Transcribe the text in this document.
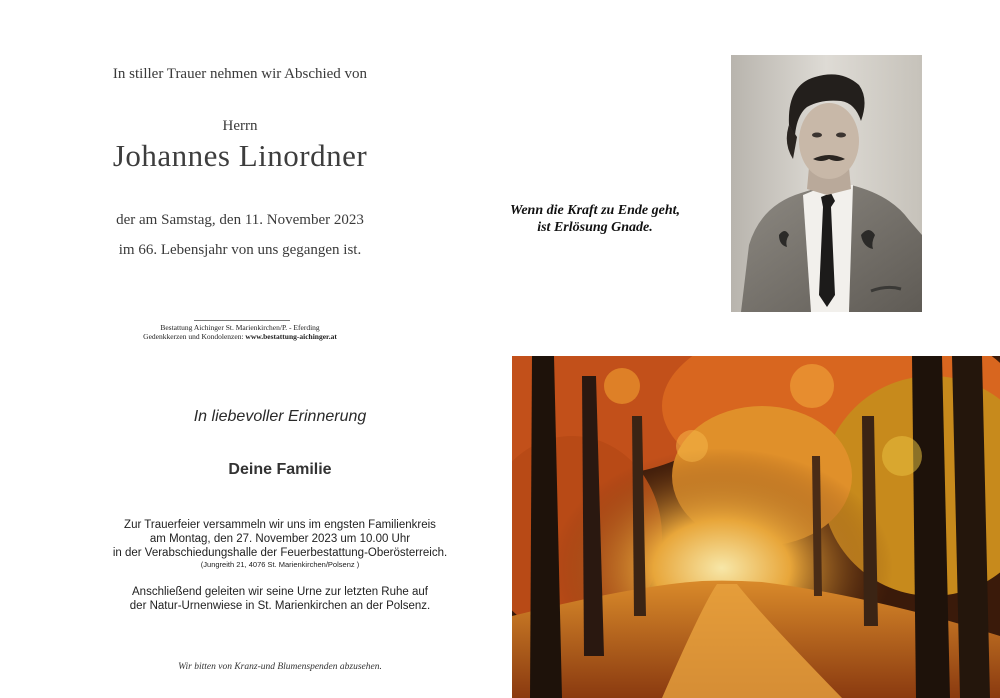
In stiller Trauer nehmen wir Abschied von
Herrn
Johannes Linordner
der am Samstag, den 11. November 2023
im 66. Lebensjahr von uns gegangen ist.
Bestattung Aichinger St. Marienkirchen/P. - Eferding
Gedenkkerzen und Kondolenzen: www.bestattung-aichinger.at
Wenn die Kraft zu Ende geht,
ist Erlösung Gnade.
In liebevoller Erinnerung
Deine Familie
Zur Trauerfeier versammeln wir uns im engsten Familienkreis
am Montag, den 27. November 2023 um 10.00 Uhr
in der Verabschiedungshalle der Feuerbestattung-Oberösterreich.
(Jungreith 21, 4076 St. Marienkirchen/Polsenz )
Anschließend geleiten wir seine Urne zur letzten Ruhe auf
der Natur-Urnenwiese in St. Marienkirchen an der Polsenz.
Wir bitten von Kranz-und Blumenspenden abzusehen.
